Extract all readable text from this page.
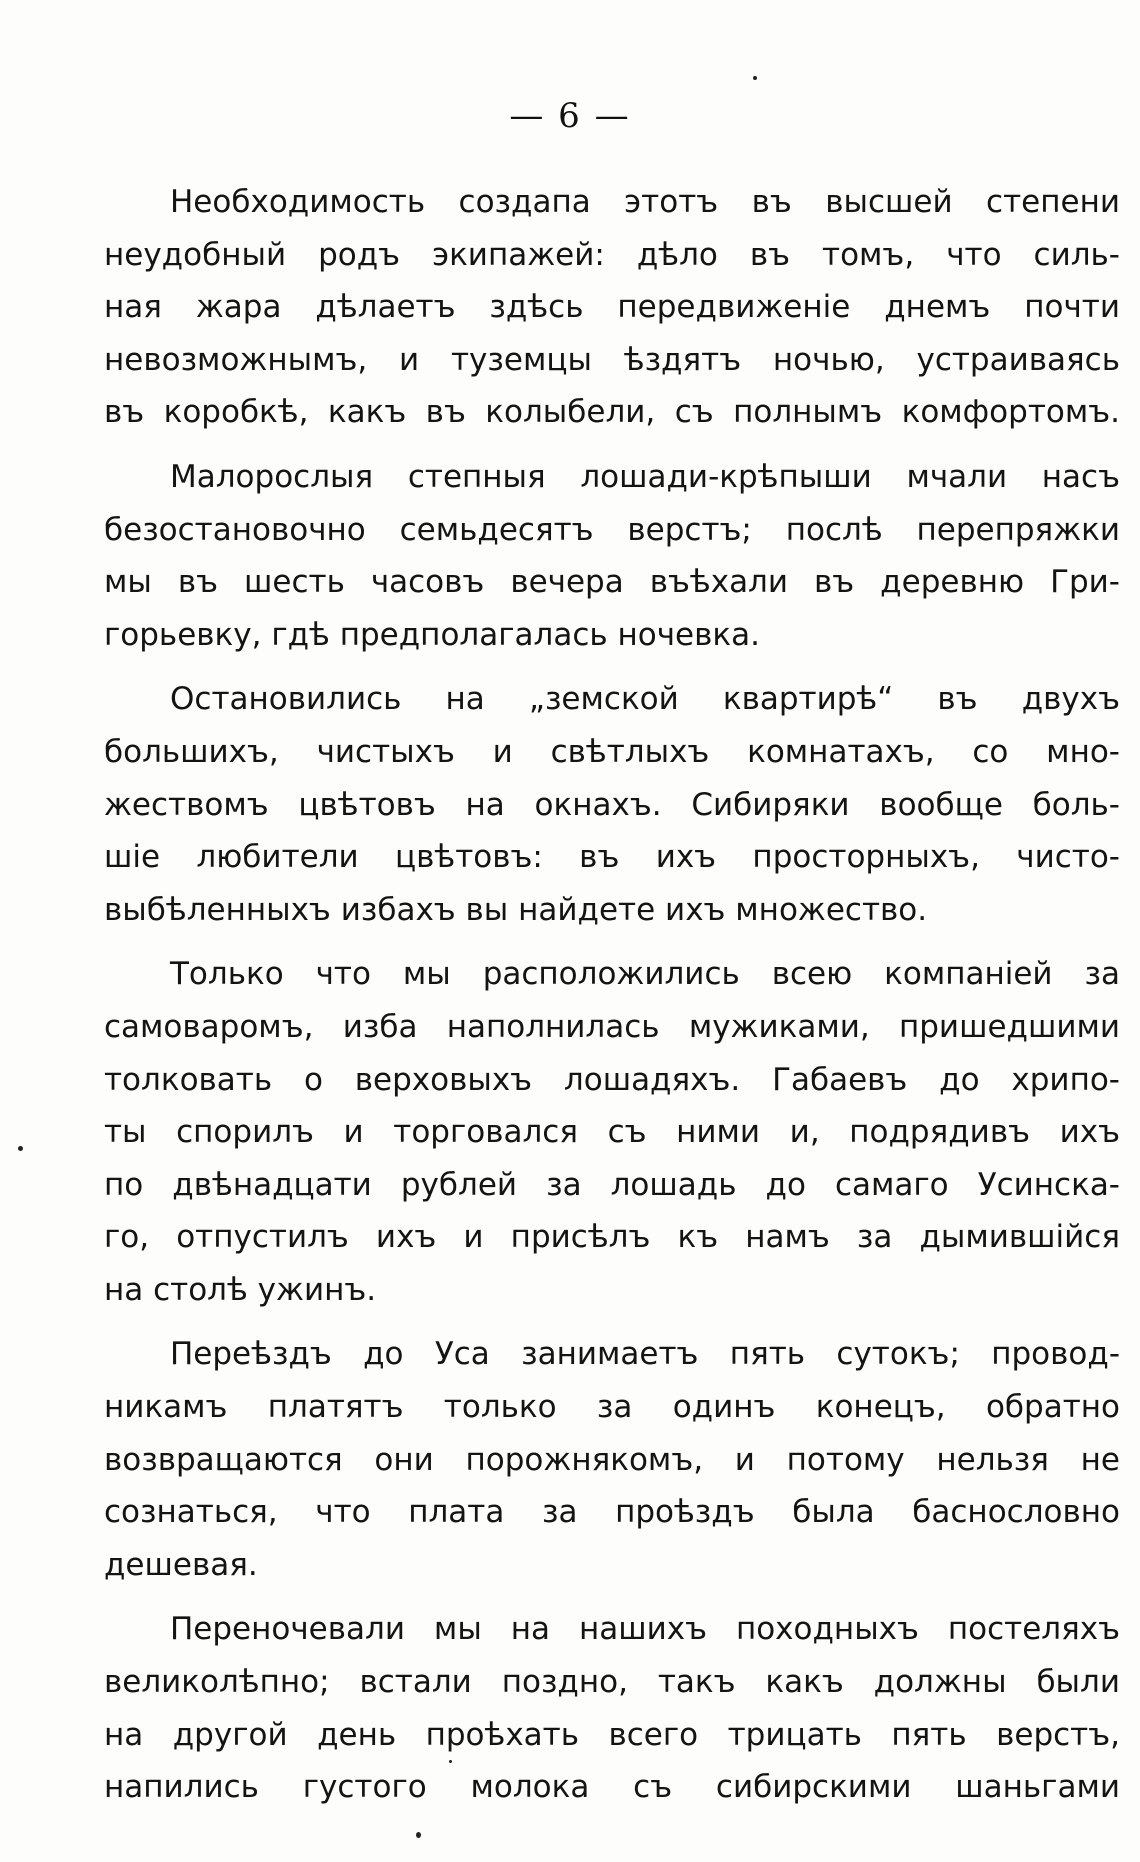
— 6 —
Необходимость создапа этотъ въ высшей степени
неудобный родъ экипажей: дѣло въ томъ, что силь-
ная жара дѣлаетъ здѣсь передвиженіе днемъ почти
невозможнымъ, и туземцы ѣздятъ ночью, устраиваясь
въ коробкѣ, какъ въ колыбели, съ полнымъ комфортомъ.
Малорослыя степныя лошади-крѣпыши мчали насъ
безостановочно семьдесятъ верстъ; послѣ перепряжки
мы въ шесть часовъ вечера въѣхали въ деревню Гри-
горьевку, гдѣ предполагалась ночевка.
Остановились на „земской квартирѣ“ въ двухъ
большихъ, чистыхъ и свѣтлыхъ комнатахъ, со мно-
жествомъ цвѣтовъ на окнахъ. Сибиряки вообще боль-
шіе любители цвѣтовъ: въ ихъ просторныхъ, чисто-
выбѣленныхъ избахъ вы найдете ихъ множество.
Только что мы расположились всею компаніей за
самоваромъ, изба наполнилась мужиками, пришедшими
толковать о верховыхъ лошадяхъ. Габаевъ до хрипо-
ты спорилъ и торговался съ ними и, подрядивъ ихъ
по двѣнадцати рублей за лошадь до самаго Усинска-
го, отпустилъ ихъ и присѣлъ къ намъ за дымившійся
на столѣ ужинъ.
Переѣздъ до Уса занимаетъ пять сутокъ; провод-
никамъ платятъ только за одинъ конецъ, обратно
возвращаются они порожнякомъ, и потому нельзя не
сознаться, что плата за проѣздъ была баснословно
дешевая.
Переночевали мы на нашихъ походныхъ постеляхъ
великолѣпно; встали поздно, такъ какъ должны были
на другой день проѣхать всего трицать пять верстъ,
напились густого молока съ сибирскими шаньгами
